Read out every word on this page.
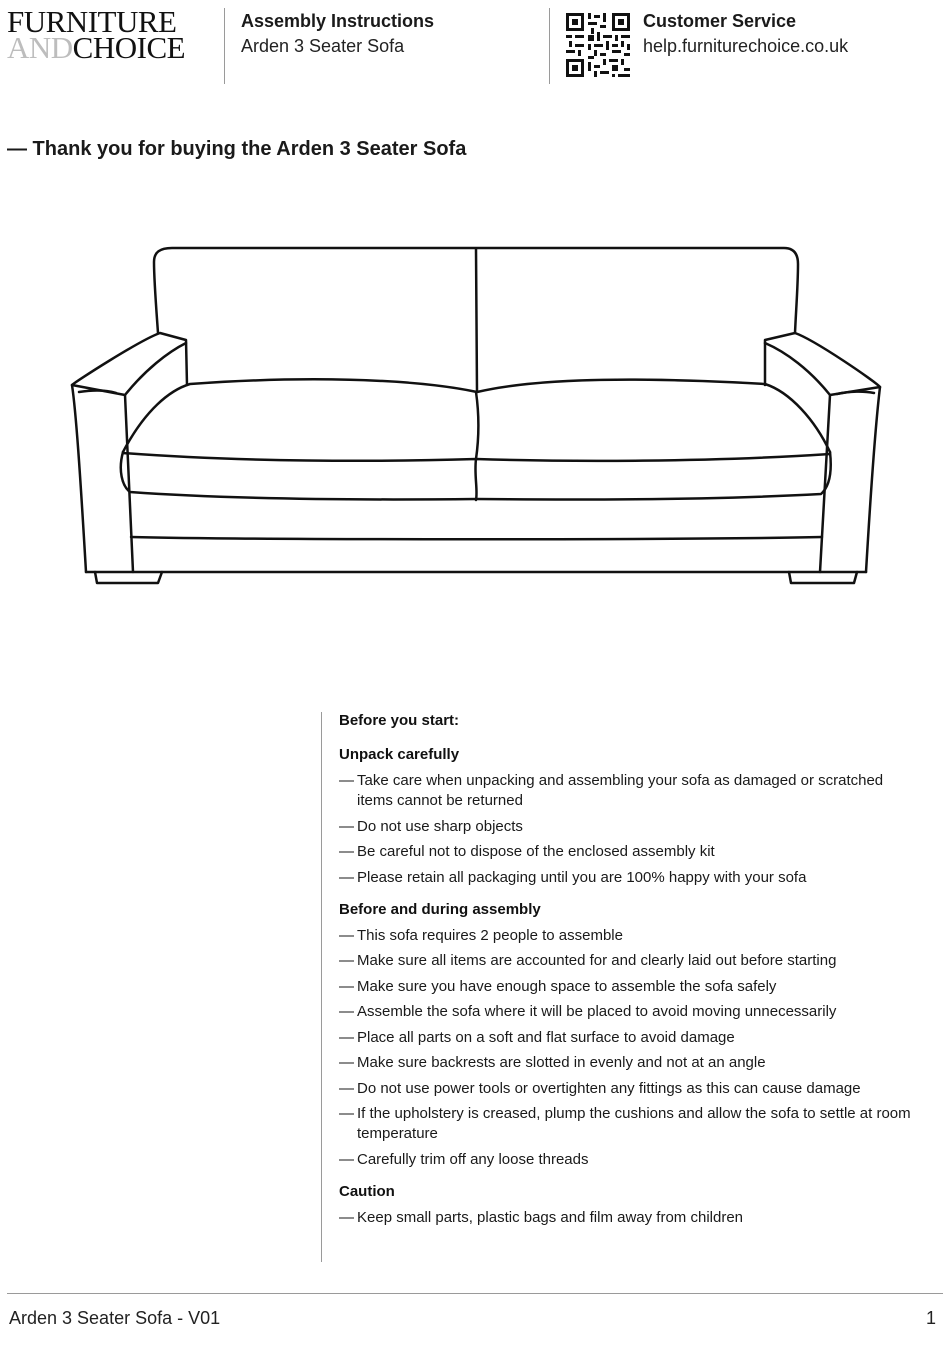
FURNITURE
ANDCHOICE
Assembly Instructions
Arden 3 Seater Sofa
Customer Service
help.furniturechoice.co.uk
— Thank you for buying the Arden 3 Seater Sofa

Before you start:

Unpack carefully

— Take care when unpacking and assembling your sofa as damaged or scratched items cannot be returned
— Do not use sharp objects
— Be careful not to dispose of the enclosed assembly kit
— Please retain all packaging until you are 100% happy with your sofa

Before and during assembly

— This sofa requires 2 people to assemble
— Make sure all items are accounted for and clearly laid out before starting
— Make sure you have enough space to assemble the sofa safely
— Assemble the sofa where it will be placed to avoid moving unnecessarily
— Place all parts on a soft and flat surface to avoid damage
— Make sure backrests are slotted in evenly and not at an angle
— Do not use power tools or overtighten any fittings as this can cause damage
— If the upholstery is creased, plump the cushions and allow the sofa to settle at room temperature
— Carefully trim off any loose threads

Caution

— Keep small parts, plastic bags and film away from children
Arden 3 Seater Sofa - V01	1
